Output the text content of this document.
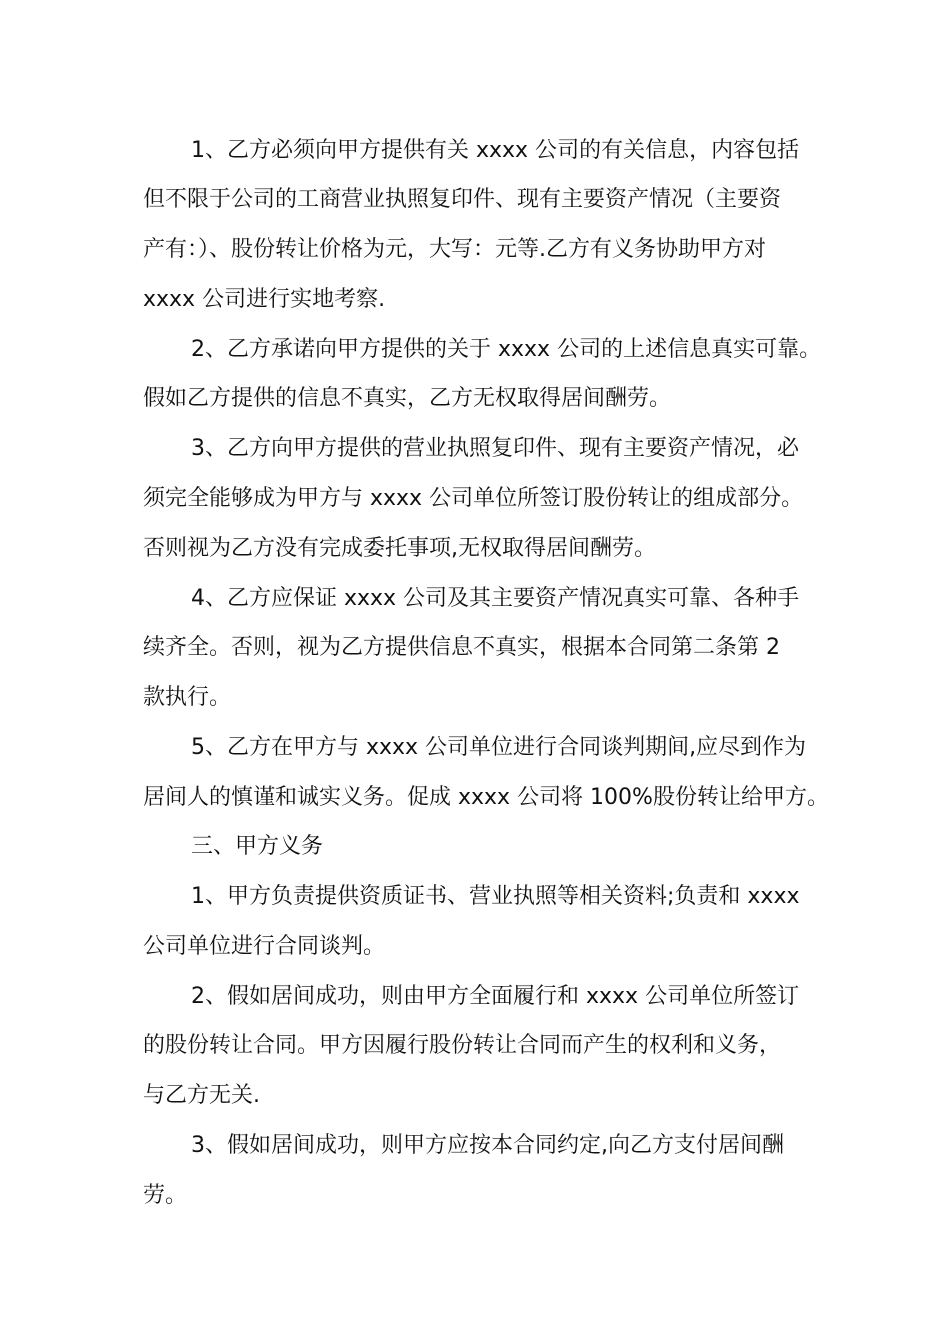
1、乙方必须向甲方提供有关 xxxx 公司的有关信息，内容包括
但不限于公司的工商营业执照复印件、现有主要资产情况（主要资
产有：）、股份转让价格为元，大写：元等.乙方有义务协助甲方对
xxxx 公司进行实地考察.
2、乙方承诺向甲方提供的关于 xxxx 公司的上述信息真实可靠。
假如乙方提供的信息不真实，乙方无权取得居间酬劳。
3、乙方向甲方提供的营业执照复印件、现有主要资产情况，必
须完全能够成为甲方与 xxxx 公司单位所签订股份转让的组成部分。
否则视为乙方没有完成委托事项,无权取得居间酬劳。
4、乙方应保证 xxxx 公司及其主要资产情况真实可靠、各种手
续齐全。否则，视为乙方提供信息不真实，根据本合同第二条第 2
款执行。
5、乙方在甲方与 xxxx 公司单位进行合同谈判期间,应尽到作为
居间人的慎谨和诚实义务。促成 xxxx 公司将 100%股份转让给甲方。
三、甲方义务
1、甲方负责提供资质证书、营业执照等相关资料;负责和 xxxx
公司单位进行合同谈判。
2、假如居间成功，则由甲方全面履行和 xxxx 公司单位所签订
的股份转让合同。甲方因履行股份转让合同而产生的权利和义务，
与乙方无关.
3、假如居间成功，则甲方应按本合同约定,向乙方支付居间酬
劳。
